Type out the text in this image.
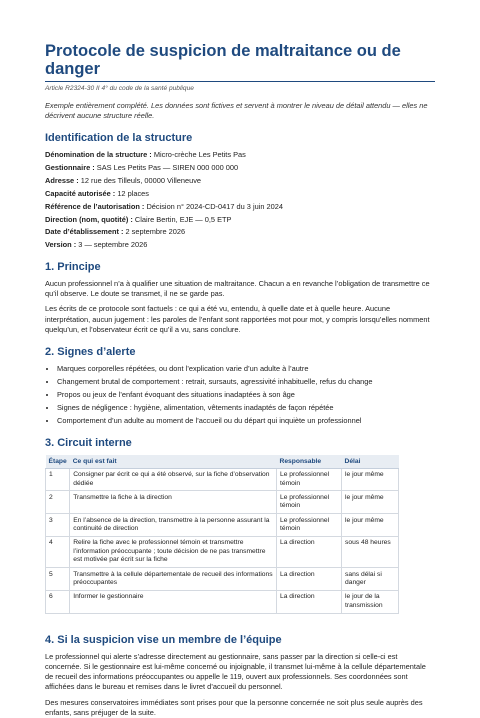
Protocole de suspicion de maltraitance ou de danger
Article R2324-30 II 4° du code de la santé publique
Exemple entièrement complété. Les données sont fictives et servent à montrer le niveau de détail attendu — elles ne décrivent aucune structure réelle.
Identification de la structure
Dénomination de la structure : Micro-crèche Les Petits Pas
Gestionnaire : SAS Les Petits Pas — SIREN 000 000 000
Adresse : 12 rue des Tilleuls, 00000 Villeneuve
Capacité autorisée : 12 places
Référence de l’autorisation : Décision n° 2024-CD-0417 du 3 juin 2024
Direction (nom, quotité) : Claire Bertin, EJE — 0,5 ETP
Date d’établissement : 2 septembre 2026
Version : 3 — septembre 2026
1. Principe

Aucun professionnel n’a à qualifier une situation de maltraitance. Chacun a en revanche l’obligation de transmettre ce qu’il observe. Le doute se transmet, il ne se garde pas.

Les écrits de ce protocole sont factuels : ce qui a été vu, entendu, à quelle date et à quelle heure. Aucune interprétation, aucun jugement : les paroles de l’enfant sont rapportées mot pour mot, y compris lorsqu’elles nomment quelqu’un, et l’observateur écrit ce qu’il a vu, sans conclure.

2. Signes d’alerte
• Marques corporelles répétées, ou dont l’explication varie d’un adulte à l’autre
• Changement brutal de comportement : retrait, sursauts, agressivité inhabituelle, refus du change
• Propos ou jeux de l’enfant évoquant des situations inadaptées à son âge
• Signes de négligence : hygiène, alimentation, vêtements inadaptés de façon répétée
• Comportement d’un adulte au moment de l’accueil ou du départ qui inquiète un professionnel
3. Circuit interne
Étape	Ce qui est fait	Responsable	Délai
1	Consigner par écrit ce qui a été observé, sur la fiche d’observation dédiée	Le professionnel témoin	le jour même
2	Transmettre la fiche à la direction	Le professionnel témoin	le jour même
3	En l’absence de la direction, transmettre à la personne assurant la continuité de direction	Le professionnel témoin	le jour même
4	Relire la fiche avec le professionnel témoin et transmettre l’information préoccupante ; toute décision de ne pas transmettre est motivée par écrit sur la fiche	La direction	sous 48 heures
5	Transmettre à la cellule départementale de recueil des informations préoccupantes	La direction	sans délai si danger
6	Informer le gestionnaire	La direction	le jour de la transmission
4. Si la suspicion vise un membre de l’équipe

Le professionnel qui alerte s’adresse directement au gestionnaire, sans passer par la direction si celle-ci est concernée. Si le gestionnaire est lui-même concerné ou injoignable, il transmet lui-même à la cellule départementale de recueil des informations préoccupantes ou appelle le 119, ouvert aux professionnels. Ses coordonnées sont affichées dans le bureau et remises dans le livret d’accueil du personnel.

Des mesures conservatoires immédiates sont prises pour que la personne concernée ne soit plus seule auprès des enfants, sans préjuger de la suite.
